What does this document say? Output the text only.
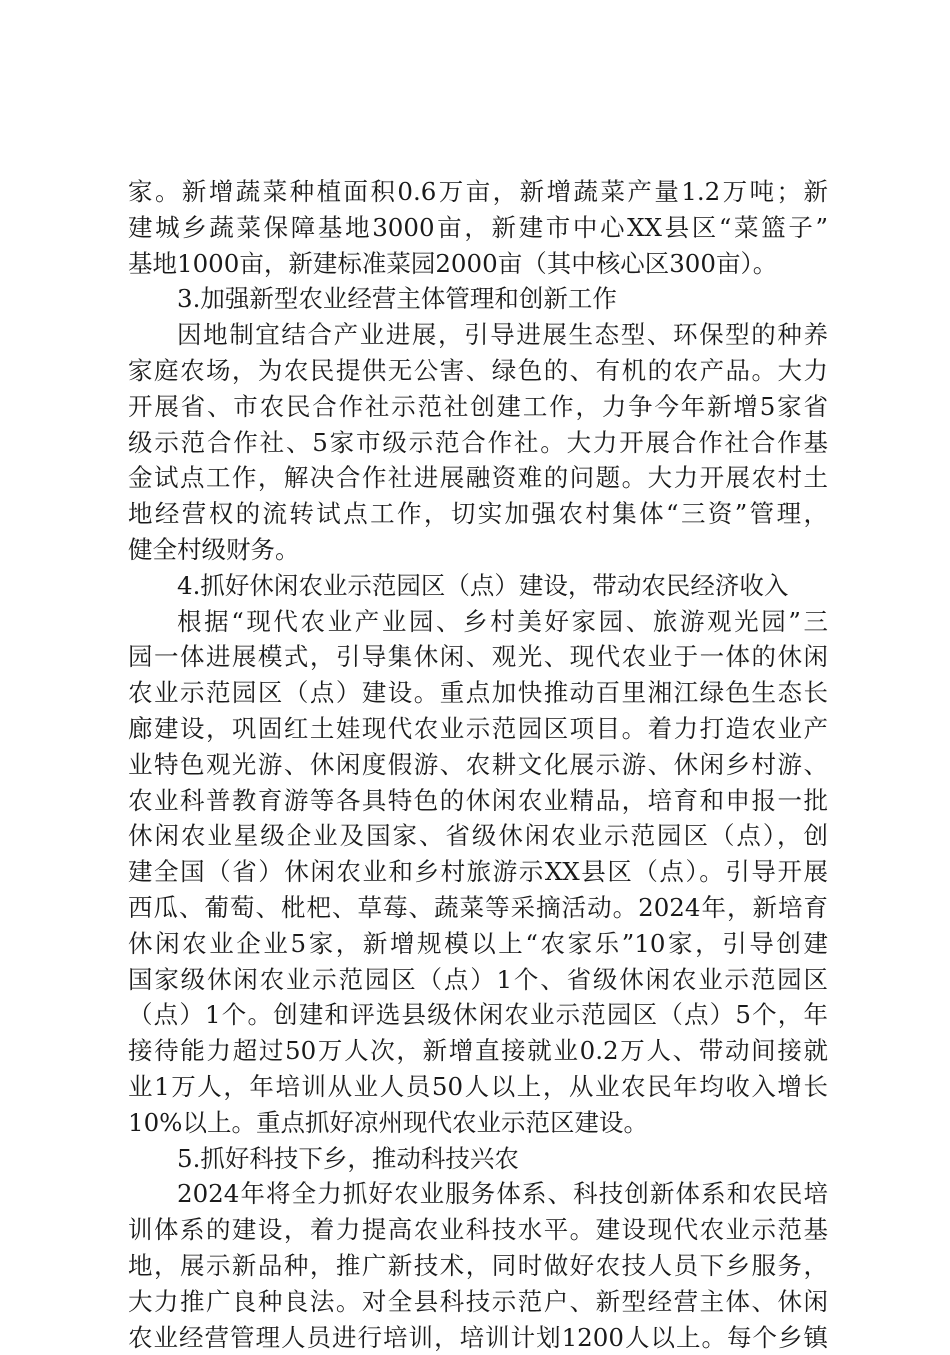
家。新增蔬菜种植面积0.6万亩，新增蔬菜产量1.2万吨；新
建城乡蔬菜保障基地3000亩，新建市中心XX县区“菜篮子”
基地1000亩，新建标准菜园2000亩（其中核心区300亩）。
3.加强新型农业经营主体管理和创新工作
因地制宜结合产业进展，引导进展生态型、环保型的种养
家庭农场，为农民提供无公害、绿色的、有机的农产品。大力
开展省、市农民合作社示范社创建工作，力争今年新增5家省
级示范合作社、5家市级示范合作社。大力开展合作社合作基
金试点工作，解决合作社进展融资难的问题。大力开展农村土
地经营权的流转试点工作，切实加强农村集体“三资”管理，
健全村级财务。
4.抓好休闲农业示范园区（点）建设，带动农民经济收入
根据“现代农业产业园、乡村美好家园、旅游观光园”三
园一体进展模式，引导集休闲、观光、现代农业于一体的休闲
农业示范园区（点）建设。重点加快推动百里湘江绿色生态长
廊建设，巩固红土娃现代农业示范园区项目。着力打造农业产
业特色观光游、休闲度假游、农耕文化展示游、休闲乡村游、
农业科普教育游等各具特色的休闲农业精品，培育和申报一批
休闲农业星级企业及国家、省级休闲农业示范园区（点），创
建全国（省）休闲农业和乡村旅游示XX县区（点）。引导开展
西瓜、葡萄、枇杷、草莓、蔬菜等采摘活动。2024年，新培育
休闲农业企业5家，新增规模以上“农家乐”10家，引导创建
国家级休闲农业示范园区（点）1个、省级休闲农业示范园区
（点）1个。创建和评选县级休闲农业示范园区（点）5个，年
接待能力超过50万人次，新增直接就业0.2万人、带动间接就
业1万人，年培训从业人员50人以上，从业农民年均收入增长
10%以上。重点抓好凉州现代农业示范区建设。
5.抓好科技下乡，推动科技兴农
2024年将全力抓好农业服务体系、科技创新体系和农民培
训体系的建设，着力提高农业科技水平。建设现代农业示范基
地，展示新品种，推广新技术，同时做好农技人员下乡服务，
大力推广良种良法。对全县科技示范户、新型经营主体、休闲
农业经营管理人员进行培训，培训计划1200人以上。每个乡镇
